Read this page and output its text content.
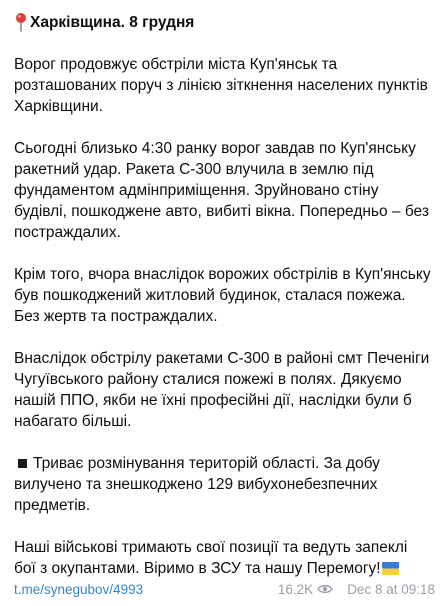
Харківщина. 8 грудня

Ворог продовжує обстріли міста Куп'янськ та розташованих поруч з лінією зіткнення населених пунктів Харківщини.

Сьогодні близько 4:30 ранку ворог завдав по Куп'янську ракетний удар. Ракета С-300 влучила в землю під фундаментом адмінприміщення. Зруйновано стіну будівлі, пошкоджене авто, вибиті вікна. Попередньо – без постраждалих.

Крім того, вчора внаслідок ворожих обстрілів в Куп'янську був пошкоджений житловий будинок, сталася пожежа. Без жертв та постраждалих.

Внаслідок обстрілу ракетами С-300 в районі смт Печеніги Чугуївського району сталися пожежі в полях. Дякуємо нашій ППО, якби не їхні професійні дії, наслідки були б набагато більші.

Триває розмінування територій області. За добу вилучено та знешкоджено 129 вибухонебезпечних предметів.

Наші військові тримають свої позиції та ведуть запеклі бої з окупантами. Віримо в ЗСУ та нашу Перемогу!

t.me/synegubov/4993	16.2K	Dec 8 at 09:18
